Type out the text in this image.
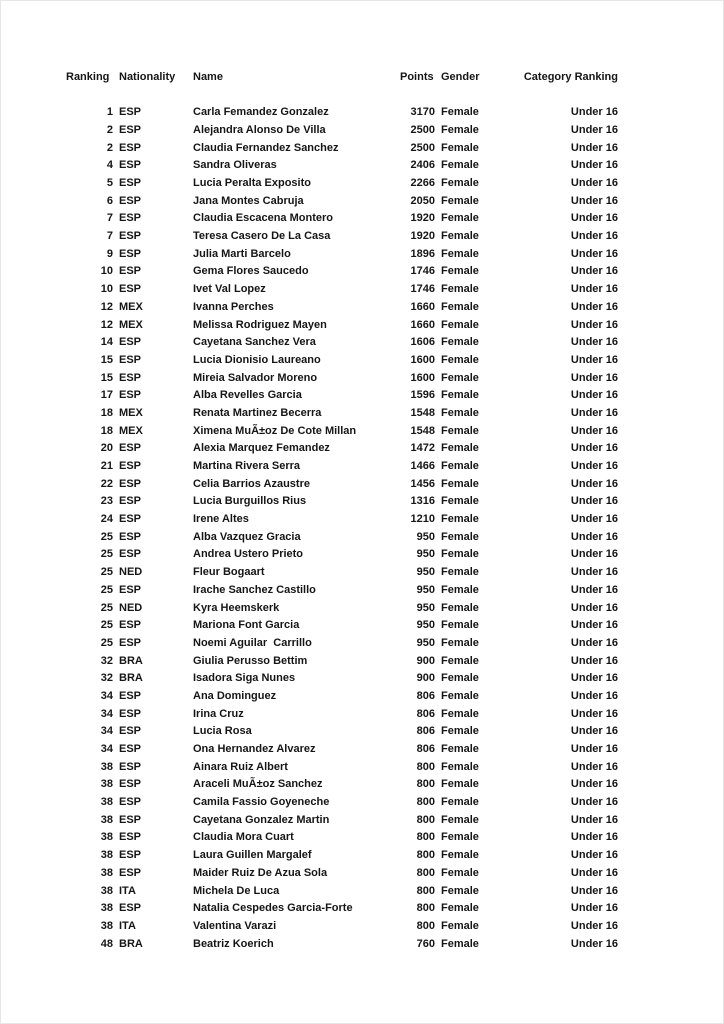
Ranking Nationality	Name	Points Gender	Category Ranking
1 ESP	Carla Femandez Gonzalez	3170 Female	Under 16
2 ESP	Alejandra Alonso De Villa	2500 Female	Under 16
2 ESP	Claudia Fernandez Sanchez	2500 Female	Under 16
4 ESP	Sandra Oliveras	2406 Female	Under 16
5 ESP	Lucia Peralta Exposito	2266 Female	Under 16
6 ESP	Jana Montes Cabruja	2050 Female	Under 16
7 ESP	Claudia Escacena Montero	1920 Female	Under 16
7 ESP	Teresa Casero De La Casa	1920 Female	Under 16
9 ESP	Julia Marti Barcelo	1896 Female	Under 16
10 ESP	Gema Flores Saucedo	1746 Female	Under 16
10 ESP	Ivet Val Lopez	1746 Female	Under 16
12 MEX	Ivanna Perches	1660 Female	Under 16
12 MEX	Melissa Rodriguez Mayen	1660 Female	Under 16
14 ESP	Cayetana Sanchez Vera	1606 Female	Under 16
15 ESP	Lucia Dionisio Laureano	1600 Female	Under 16
15 ESP	Mireia Salvador Moreno	1600 Female	Under 16
17 ESP	Alba Revelles Garcia	1596 Female	Under 16
18 MEX	Renata Martinez Becerra	1548 Female	Under 16
18 MEX	Ximena MuÃ±oz De Cote Millan	1548 Female	Under 16
20 ESP	Alexia Marquez Femandez	1472 Female	Under 16
21 ESP	Martina Rivera Serra	1466 Female	Under 16
22 ESP	Celia Barrios Azaustre	1456 Female	Under 16
23 ESP	Lucia Burguillos Rius	1316 Female	Under 16
24 ESP	Irene Altes	1210 Female	Under 16
25 ESP	Alba Vazquez Gracia	950 Female	Under 16
25 ESP	Andrea Ustero Prieto	950 Female	Under 16
25 NED	Fleur Bogaart	950 Female	Under 16
25 ESP	Irache Sanchez Castillo	950 Female	Under 16
25 NED	Kyra Heemskerk	950 Female	Under 16
25 ESP	Mariona Font Garcia	950 Female	Under 16
25 ESP	Noemi Aguilar  Carrillo	950 Female	Under 16
32 BRA	Giulia Perusso Bettim	900 Female	Under 16
32 BRA	Isadora Siga Nunes	900 Female	Under 16
34 ESP	Ana Dominguez	806 Female	Under 16
34 ESP	Irina Cruz	806 Female	Under 16
34 ESP	Lucia Rosa	806 Female	Under 16
34 ESP	Ona Hernandez Alvarez	806 Female	Under 16
38 ESP	Ainara Ruiz Albert	800 Female	Under 16
38 ESP	Araceli MuÃ±oz Sanchez	800 Female	Under 16
38 ESP	Camila Fassio Goyeneche	800 Female	Under 16
38 ESP	Cayetana Gonzalez Martin	800 Female	Under 16
38 ESP	Claudia Mora Cuart	800 Female	Under 16
38 ESP	Laura Guillen Margalef	800 Female	Under 16
38 ESP	Maider Ruiz De Azua Sola	800 Female	Under 16
38 ITA	Michela De Luca	800 Female	Under 16
38 ESP	Natalia Cespedes Garcia-Forte	800 Female	Under 16
38 ITA	Valentina Varazi	800 Female	Under 16
48 BRA	Beatriz Koerich	760 Female	Under 16
